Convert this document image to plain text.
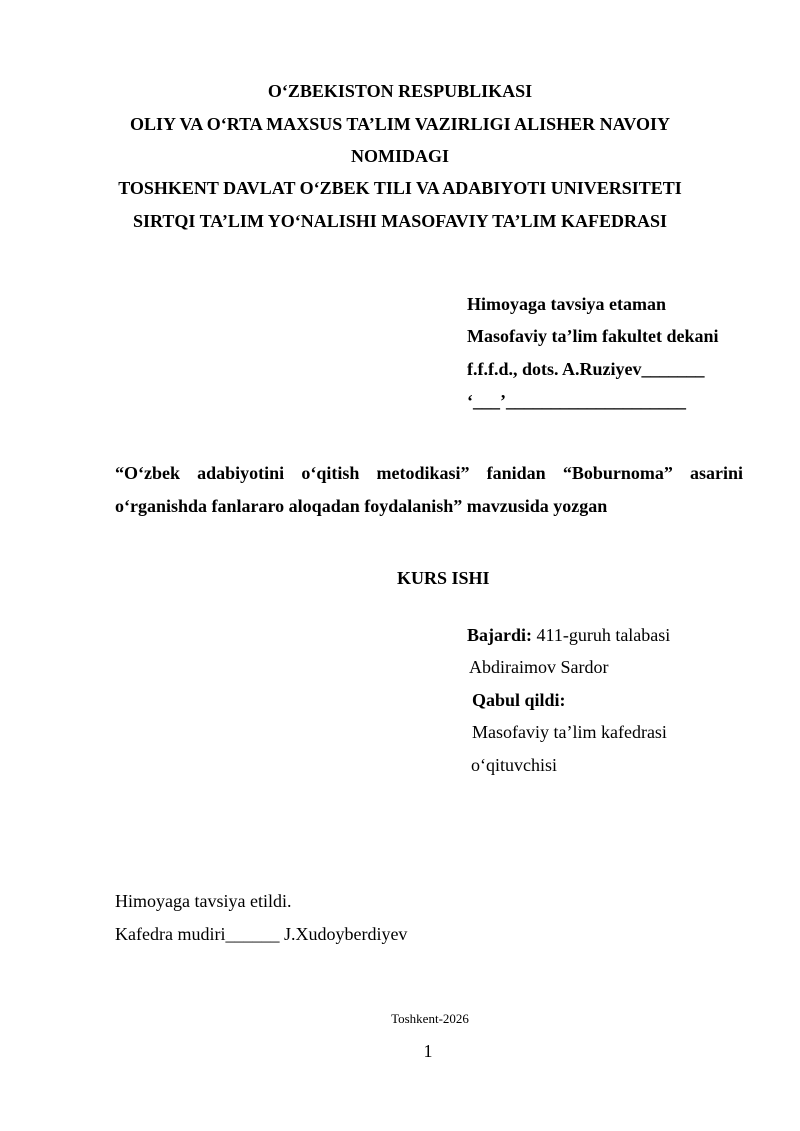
O‘ZBEKISTON RESPUBLIKASI
OLIY VA O‘RTA MAXSUS TA’LIM VAZIRLIGI ALISHER NAVOIY
NOMIDAGI
TOSHKENT DAVLAT O‘ZBEK TILI VA ADABIYOTI UNIVERSITETI
SIRTQI TA’LIM YO‘NALISHI MASOFAVIY TA’LIM KAFEDRASI
Himoyaga tavsiya etaman
Masofaviy ta’lim fakultet dekani
f.f.f.d., dots. A.Ruziyev_______
‘___’____________________
“O‘zbek adabiyotini o‘qitish metodikasi” fanidan “Boburnoma” asarini
o‘rganishda fanlararo aloqadan foydalanish” mavzusida yozgan
KURS ISHI
Bajardi: 411-guruh talabasi
Abdiraimov Sardor
Qabul qildi:
Masofaviy ta’lim kafedrasi
o‘qituvchisi
Himoyaga tavsiya etildi.
Kafedra mudiri______ J.Xudoyberdiyev
Toshkent-2026
1
